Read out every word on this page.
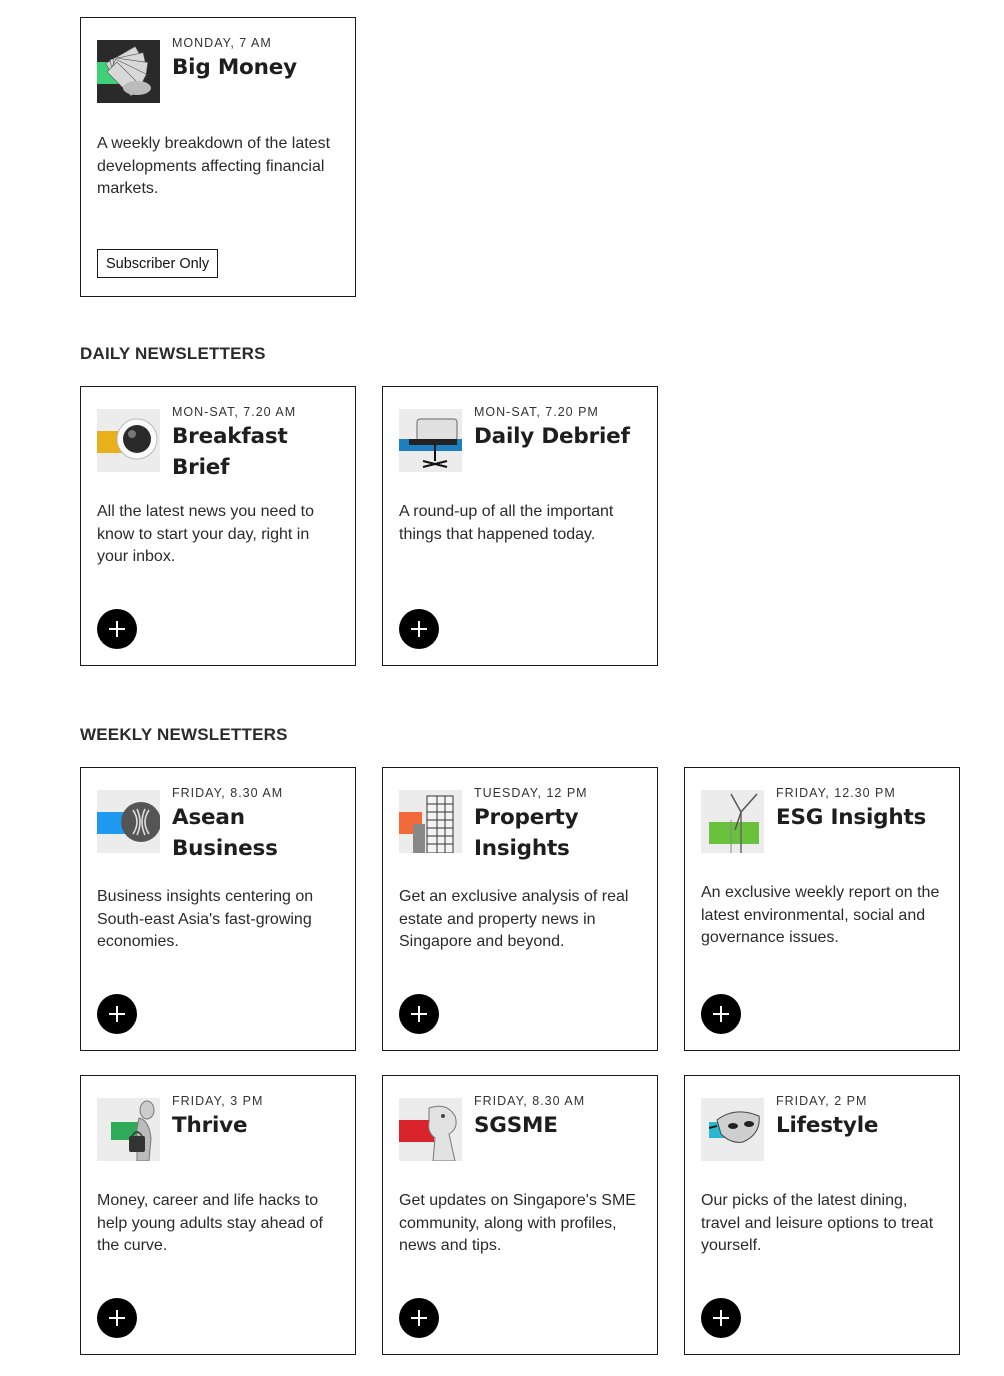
MONDAY, 7 AM
Big Money
A weekly breakdown of the latest developments affecting financial markets.
Subscriber Only
DAILY NEWSLETTERS
MON-SAT, 7.20 AM
Breakfast Brief
All the latest news you need to know to start your day, right in your inbox.
MON-SAT, 7.20 PM
Daily Debrief
A round-up of all the important things that happened today.
WEEKLY NEWSLETTERS
FRIDAY, 8.30 AM
Asean Business
Business insights centering on South-east Asia's fast-growing economies.
TUESDAY, 12 PM
Property Insights
Get an exclusive analysis of real estate and property news in Singapore and beyond.
FRIDAY, 12.30 PM
ESG Insights
An exclusive weekly report on the latest environmental, social and governance issues.
FRIDAY, 3 PM
Thrive
Money, career and life hacks to help young adults stay ahead of the curve.
FRIDAY, 8.30 AM
SGSME
Get updates on Singapore's SME community, along with profiles, news and tips.
FRIDAY, 2 PM
Lifestyle
Our picks of the latest dining, travel and leisure options to treat yourself.
